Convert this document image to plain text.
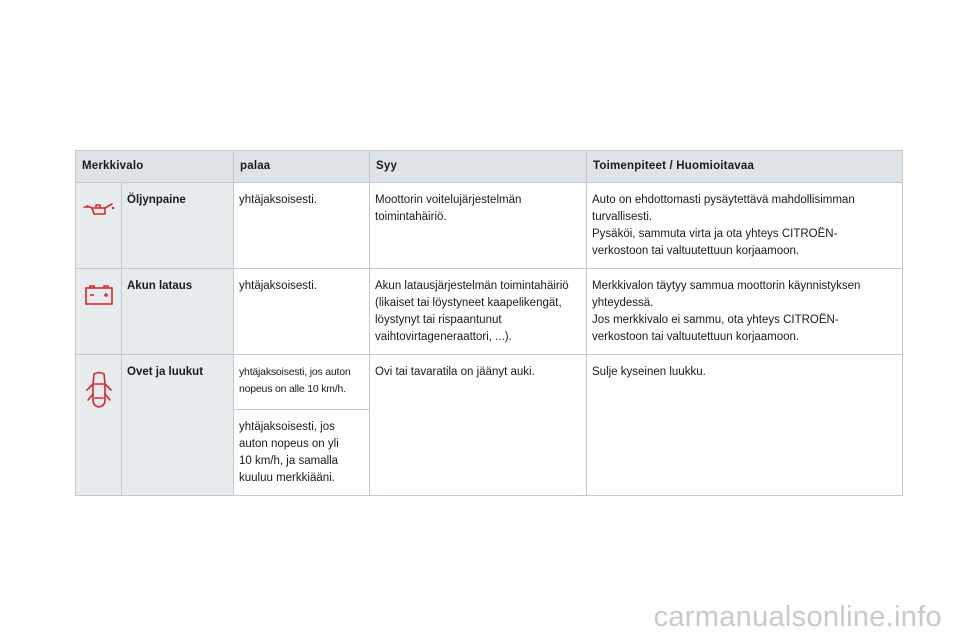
Merkkivalo		palaa	Syy	Toimenpiteet / Huomioitavaa

	Öljynpaine	yhtäjaksoisesti.	Moottorin voitelujärjestelmän
toimintahäiriö.	Auto on ehdottomasti pysäytettävä mahdollisimman
turvallisesti.
Pysäköi, sammuta virta ja ota yhteys CITROËN-
verkostoon tai valtuutettuun korjaamoon.

	Akun lataus	yhtäjaksoisesti.	Akun latausjärjestelmän toimintahäiriö
(likaiset tai löystyneet kaapelikengät,
löystynyt tai rispaantunut
vaihtovirtageneraattori, ...).	Merkkivalon täytyy sammua moottorin käynnistyksen
yhteydessä.
Jos merkkivalo ei sammu, ota yhteys CITROËN-
verkostoon tai valtuutettuun korjaamoon.

	Ovet ja luukut	yhtäjaksoisesti, jos auton
nopeus on alle 10 km/h.	Ovi tai tavaratila on jäänyt auki.	Sulje kyseinen luukku.

		yhtäjaksoisesti, jos
auton nopeus on yli
10 km/h, ja samalla
kuuluu merkkiääni.		
carmanualsonline.info
